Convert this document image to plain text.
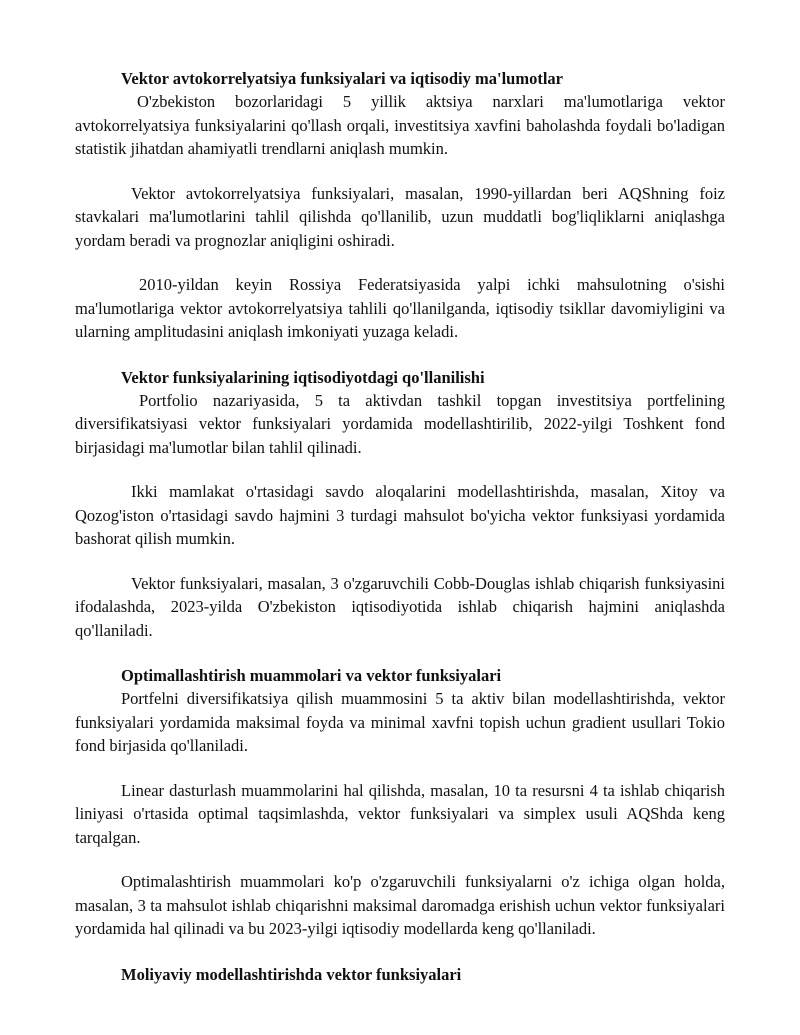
Vektor avtokorrelyatsiya funksiyalari va iqtisodiy ma'lumotlar

O'zbekiston bozorlaridagi 5 yillik aktsiya narxlari ma'lumotlariga vektor avtokorrelyatsiya funksiyalarini qo'llash orqali, investitsiya xavfini baholashda foydali bo'ladigan statistik jihatdan ahamiyatli trendlarni aniqlash mumkin.

Vektor avtokorrelyatsiya funksiyalari, masalan, 1990-yillardan beri AQShning foiz stavkalari ma'lumotlarini tahlil qilishda qo'llanilib, uzun muddatli bog'liqliklarni aniqlashga yordam beradi va prognozlar aniqligini oshiradi.

2010-yildan keyin Rossiya Federatsiyasida yalpi ichki mahsulotning o'sishi ma'lumotlariga vektor avtokorrelyatsiya tahlili qo'llanilganda, iqtisodiy tsikllar davomiyligini va ularning amplitudasini aniqlash imkoniyati yuzaga keladi.

Vektor funksiyalarining iqtisodiyotdagi qo'llanilishi

Portfolio nazariyasida, 5 ta aktivdan tashkil topgan investitsiya portfelining diversifikatsiyasi vektor funksiyalari yordamida modellashtirilib, 2022-yilgi Toshkent fond birjasidagi ma'lumotlar bilan tahlil qilinadi.

Ikki mamlakat o'rtasidagi savdo aloqalarini modellashtirishda, masalan, Xitoy va Qozog'iston o'rtasidagi savdo hajmini 3 turdagi mahsulot bo'yicha vektor funksiyasi yordamida bashorat qilish mumkin.

Vektor funksiyalari, masalan, 3 o'zgaruvchili Cobb-Douglas ishlab chiqarish funksiyasini ifodalashda, 2023-yilda O'zbekiston iqtisodiyotida ishlab chiqarish hajmini aniqlashda qo'llaniladi.

Optimallashtirish muammolari va vektor funksiyalari

Portfelni diversifikatsiya qilish muammosini 5 ta aktiv bilan modellashtirishda, vektor funksiyalari yordamida maksimal foyda va minimal xavfni topish uchun gradient usullari Tokio fond birjasida qo'llaniladi.

Linear dasturlash muammolarini hal qilishda, masalan, 10 ta resursni 4 ta ishlab chiqarish liniyasi o'rtasida optimal taqsimlashda, vektor funksiyalari va simplex usuli AQShda keng tarqalgan.

Optimalashtirish muammolari ko'p o'zgaruvchili funksiyalarni o'z ichiga olgan holda, masalan, 3 ta mahsulot ishlab chiqarishni maksimal daromadga erishish uchun vektor funksiyalari yordamida hal qilinadi va bu 2023-yilgi iqtisodiy modellarda keng qo'llaniladi.

Moliyaviy modellashtirishda vektor funksiyalari
